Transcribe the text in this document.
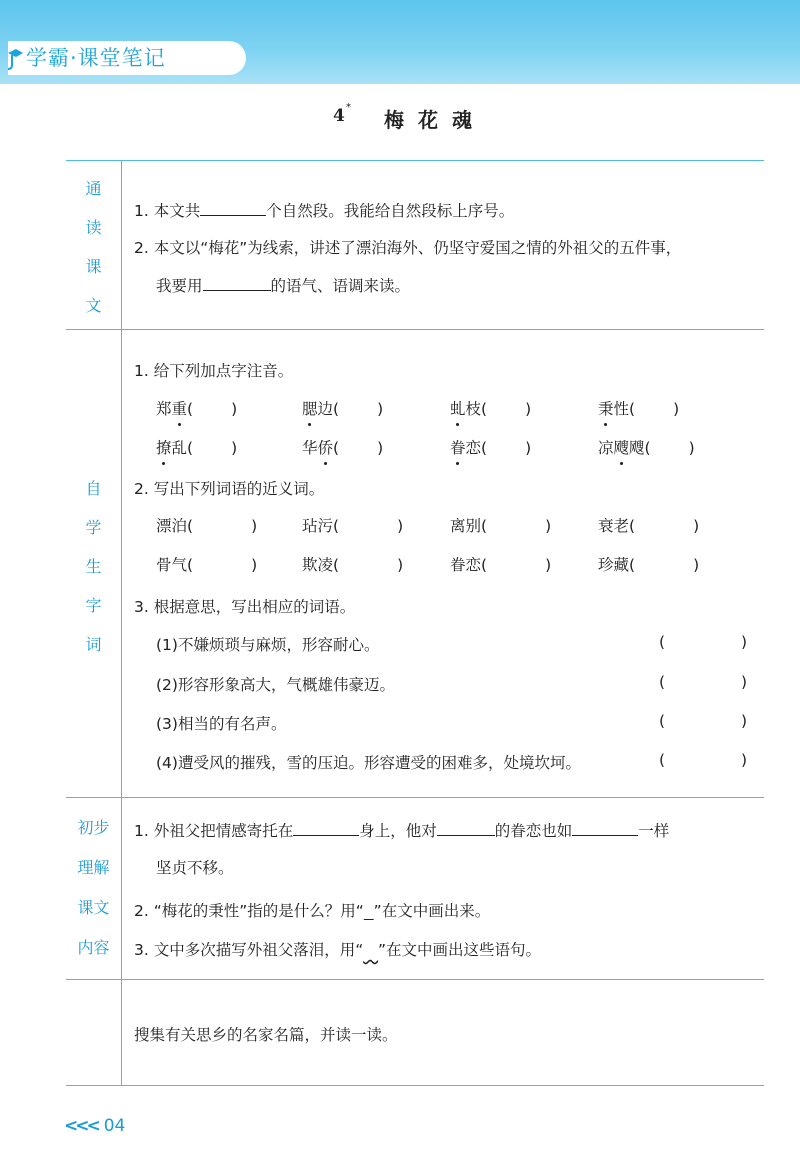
学霸·课堂笔记
4 *
梅花魂
通
读
课
文
1. 本文共	个自然段。我能给自然段标上序号。
2. 本文以“梅花”为线索，讲述了漂泊海外、仍坚守爱国之情的外祖父的五件事，
我要用	的语气、语调来读。
自
学
生
字
词
1. 给下列加点字注音。
郑重( )	腮边( )	虬枝( )	秉性( )
撩乱( )	华侨( )	眷恋( )	凉飕飕( )
2. 写出下列词语的近义词。
漂泊(	)	玷污(	)	离别(	)	衰老(	)
骨气(	)	欺凌(	)	眷恋(	)	珍藏(	)
3. 根据意思，写出相应的词语。
(1)不嫌烦琐与麻烦，形容耐心。	(	)
(2)形容形象高大，气概雄伟豪迈。	(	)
(3)相当的有名声。	(	)
(4)遭受风的摧残，雪的压迫。形容遭受的困难多，处境坎坷。	(	)
初步
理解
课文
内容
1. 外祖父把情感寄托在	身上，他对	的眷恋也如	一样
坚贞不移。
2. “梅花的秉性”指的是什么？用“ ”在文中画出来。
3. 文中多次描写外祖父落泪，用“ ”在文中画出这些语句。
搜集有关思乡的名家名篇，并读一读。
<<< 04
